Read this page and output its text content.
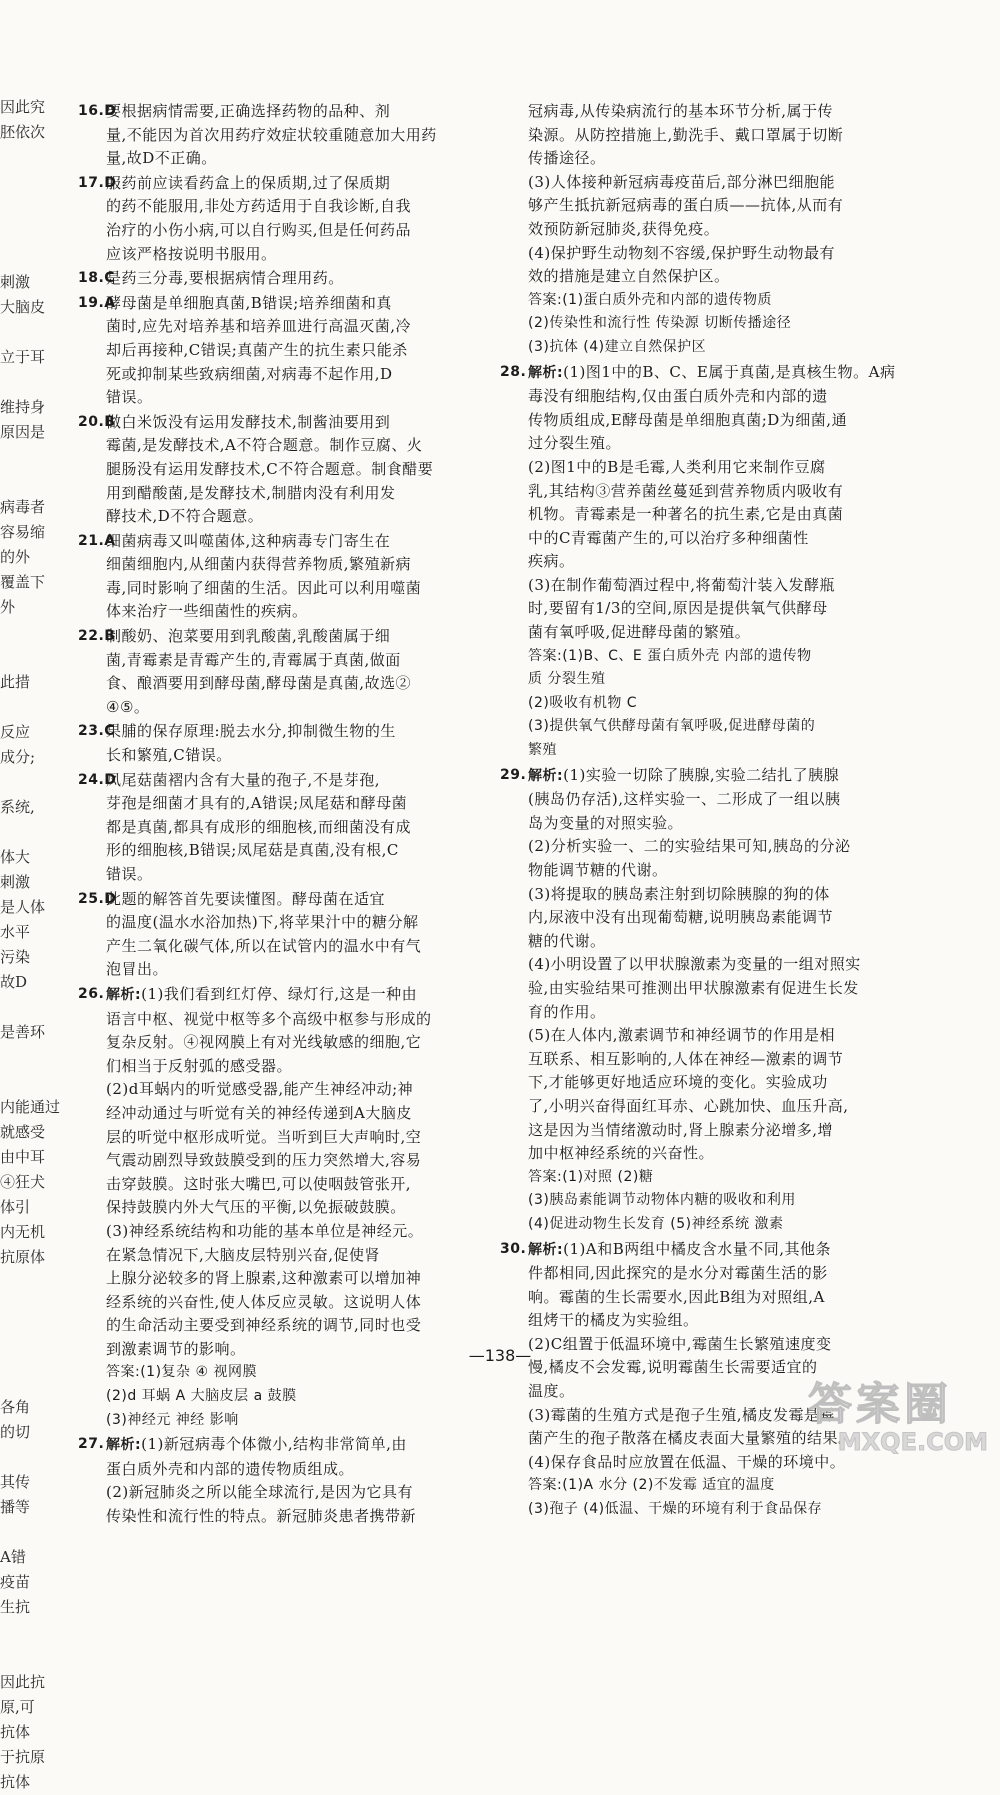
因此究
胚依次
刺激
大脑皮
立于耳
维持身
原因是
病毒者
容易缩
的外
覆盖下
外
此措
反应
成分;
系统,
体大
刺激
是人体
水平
污染
故D
是善环
内能通过
就感受
由中耳
④狂犬
体引
内无机
抗原体
各角
的切
其传
播等
A错
疫苗
生抗
因此抗
原,可
抗体
于抗原
抗体
16.D

要根据病情需要,正确选择药物的品种、剂

量,不能因为首次用药疗效症状较重随意加大用药

量,故D不正确。

17.D

服药前应读看药盒上的保质期,过了保质期

的药不能服用,非处方药适用于自我诊断,自我

治疗的小伤小病,可以自行购买,但是任何药品

应该严格按说明书服用。

18.C

是药三分毒,要根据病情合理用药。

19.A

酵母菌是单细胞真菌,B错误;培养细菌和真

菌时,应先对培养基和培养皿进行高温灭菌,冷

却后再接种,C错误;真菌产生的抗生素只能杀

死或抑制某些致病细菌,对病毒不起作用,D

错误。

20.B

做白米饭没有运用发酵技术,制酱油要用到

霉菌,是发酵技术,A不符合题意。制作豆腐、火

腿肠没有运用发酵技术,C不符合题意。制食醋要

用到醋酸菌,是发酵技术,制腊肉没有利用发

酵技术,D不符合题意。

21.A

细菌病毒又叫噬菌体,这种病毒专门寄生在

细菌细胞内,从细菌内获得营养物质,繁殖新病

毒,同时影响了细菌的生活。因此可以利用噬菌

体来治疗一些细菌性的疾病。

22.B

制酸奶、泡菜要用到乳酸菌,乳酸菌属于细

菌,青霉素是青霉产生的,青霉属于真菌,做面

食、酿酒要用到酵母菌,酵母菌是真菌,故选②

④⑤。

23.C

果脯的保存原理:脱去水分,抑制微生物的生

长和繁殖,C错误。

24.D

凤尾菇菌褶内含有大量的孢子,不是芽孢,

芽孢是细菌才具有的,A错误;凤尾菇和酵母菌

都是真菌,都具有成形的细胞核,而细菌没有成

形的细胞核,B错误;凤尾菇是真菌,没有根,C

错误。

25.D

此题的解答首先要读懂图。酵母菌在适宜

的温度(温水水浴加热)下,将苹果汁中的糖分解

产生二氧化碳气体,所以在试管内的温水中有气

泡冒出。

26. 解析:(1)我们看到红灯停、绿灯行,这是一种由

语言中枢、视觉中枢等多个高级中枢参与形成的

复杂反射。④视网膜上有对光线敏感的细胞,它

们相当于反射弧的感受器。

(2)d耳蜗内的听觉感受器,能产生神经冲动;神

经冲动通过与听觉有关的神经传递到A大脑皮

层的听觉中枢形成听觉。当听到巨大声响时,空

气震动剧烈导致鼓膜受到的压力突然增大,容易

击穿鼓膜。这时张大嘴巴,可以使咽鼓管张开,

保持鼓膜内外大气压的平衡,以免振破鼓膜。

(3)神经系统结构和功能的基本单位是神经元。

在紧急情况下,大脑皮层特别兴奋,促使肾

上腺分泌较多的肾上腺素,这种激素可以增加神

经系统的兴奋性,使人体反应灵敏。这说明人体

的生命活动主要受到神经系统的调节,同时也受

到激素调节的影响。

答案:(1)复杂 ④ 视网膜

(2)d 耳蜗 A 大脑皮层 a 鼓膜

(3)神经元 神经 影响

27. 解析:(1)新冠病毒个体微小,结构非常简单,由

蛋白质外壳和内部的遗传物质组成。

(2)新冠肺炎之所以能全球流行,是因为它具有

传染性和流行性的特点。新冠肺炎患者携带新

冠病毒,从传染病流行的基本环节分析,属于传

染源。从防控措施上,勤洗手、戴口罩属于切断

传播途径。

(3)人体接种新冠病毒疫苗后,部分淋巴细胞能

够产生抵抗新冠病毒的蛋白质——抗体,从而有

效预防新冠肺炎,获得免疫。

(4)保护野生动物刻不容缓,保护野生动物最有

效的措施是建立自然保护区。

答案:(1)蛋白质外壳和内部的遗传物质

(2)传染性和流行性 传染源 切断传播途径

(3)抗体 (4)建立自然保护区

28. 解析:(1)图1中的B、C、E属于真菌,是真核生物。A病

毒没有细胞结构,仅由蛋白质外壳和内部的遗

传物质组成,E酵母菌是单细胞真菌;D为细菌,通

过分裂生殖。

(2)图1中的B是毛霉,人类利用它来制作豆腐

乳,其结构③营养菌丝蔓延到营养物质内吸收有

机物。青霉素是一种著名的抗生素,它是由真菌

中的C青霉菌产生的,可以治疗多种细菌性

疾病。

(3)在制作葡萄酒过程中,将葡萄汁装入发酵瓶

时,要留有1/3的空间,原因是提供氧气供酵母

菌有氧呼吸,促进酵母菌的繁殖。

答案:(1)B、C、E 蛋白质外壳 内部的遗传物

质 分裂生殖

(2)吸收有机物 C

(3)提供氧气供酵母菌有氧呼吸,促进酵母菌的

繁殖

29. 解析:(1)实验一切除了胰腺,实验二结扎了胰腺

(胰岛仍存活),这样实验一、二形成了一组以胰

岛为变量的对照实验。

(2)分析实验一、二的实验结果可知,胰岛的分泌

物能调节糖的代谢。

(3)将提取的胰岛素注射到切除胰腺的狗的体

内,尿液中没有出现葡萄糖,说明胰岛素能调节

糖的代谢。

(4)小明设置了以甲状腺激素为变量的一组对照实

验,由实验结果可推测出甲状腺激素有促进生长发

育的作用。

(5)在人体内,激素调节和神经调节的作用是相

互联系、相互影响的,人体在神经—激素的调节

下,才能够更好地适应环境的变化。实验成功

了,小明兴奋得面红耳赤、心跳加快、血压升高,

这是因为当情绪激动时,肾上腺素分泌增多,增

加中枢神经系统的兴奋性。

答案:(1)对照 (2)糖

(3)胰岛素能调节动物体内糖的吸收和利用

(4)促进动物生长发育 (5)神经系统 激素

30. 解析:(1)A和B两组中橘皮含水量不同,其他条

件都相同,因此探究的是水分对霉菌生活的影

响。霉菌的生长需要水,因此B组为对照组,A

组烤干的橘皮为实验组。

(2)C组置于低温环境中,霉菌生长繁殖速度变

慢,橘皮不会发霉,说明霉菌生长需要适宜的

温度。

(3)霉菌的生殖方式是孢子生殖,橘皮发霉是霉

菌产生的孢子散落在橘皮表面大量繁殖的结果。

(4)保存食品时应放置在低温、干燥的环境中。

答案:(1)A 水分 (2)不发霉 适宜的温度

(3)孢子 (4)低温、干燥的环境有利于食品保存

—138—
答案圈
MXQE.COM
